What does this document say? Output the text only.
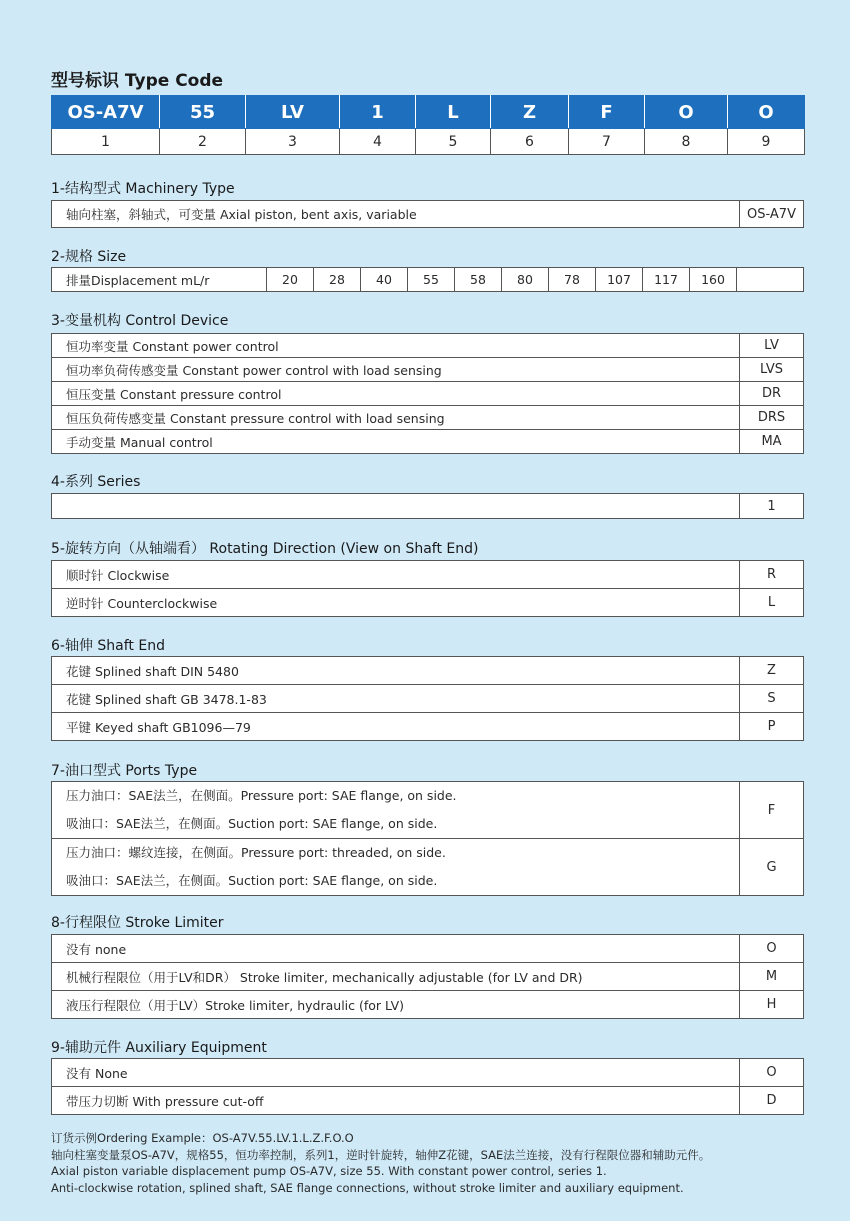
型号标识 Type Code
OS-A7V	55	LV	1	L	Z	F	O	O
1	2	3	4	5	6	7	8	9
1-结构型式 Machinery Type
轴向柱塞，斜轴式，可变量 Axial piston, bent axis, variable	OS-A7V
2-规格 Size
排量Displacement mL/r	20	28	40	55	58	80	78	107	117	160	
3-变量机构 Control Device
恒功率变量 Constant power control	LV
恒功率负荷传感变量 Constant power control with load sensing	LVS
恒压变量 Constant pressure control	DR
恒压负荷传感变量 Constant pressure control with load sensing	DRS
手动变量 Manual control	MA
4-系列 Series
	1
5-旋转方向（从轴端看） Rotating Direction (View on Shaft End)
顺时针 Clockwise	R
逆时针 Counterclockwise	L
6-轴伸 Shaft End
花键 Splined shaft DIN 5480	Z
花键 Splined shaft GB 3478.1-83	S
平键 Keyed shaft GB1096—79	P
7-油口型式 Ports Type
压力油口：SAE法兰，在侧面。Pressure port: SAE flange, on side.
吸油口：SAE法兰，在侧面。Suction port: SAE flange, on side.	F

压力油口：螺纹连接，在侧面。Pressure port: threaded, on side.
吸油口：SAE法兰，在侧面。Suction port: SAE flange, on side.	G
8-行程限位 Stroke Limiter
没有 none	O
机械行程限位（用于LV和DR） Stroke limiter, mechanically adjustable (for LV and DR)	M
液压行程限位（用于LV）Stroke limiter, hydraulic (for LV)	H
9-辅助元件 Auxiliary Equipment
没有 None	O
带压力切断 With pressure cut-off	D
订货示例Ordering Example：OS-A7V.55.LV.1.L.Z.F.O.O
轴向柱塞变量泵OS-A7V，规格55，恒功率控制，系列1，逆时针旋转，轴伸Z花键，SAE法兰连接，没有行程限位器和辅助元件。
Axial piston variable displacement pump OS-A7V, size 55. With constant power control, series 1.
Anti-clockwise rotation, splined shaft, SAE flange connections, without stroke limiter and auxiliary equipment.
